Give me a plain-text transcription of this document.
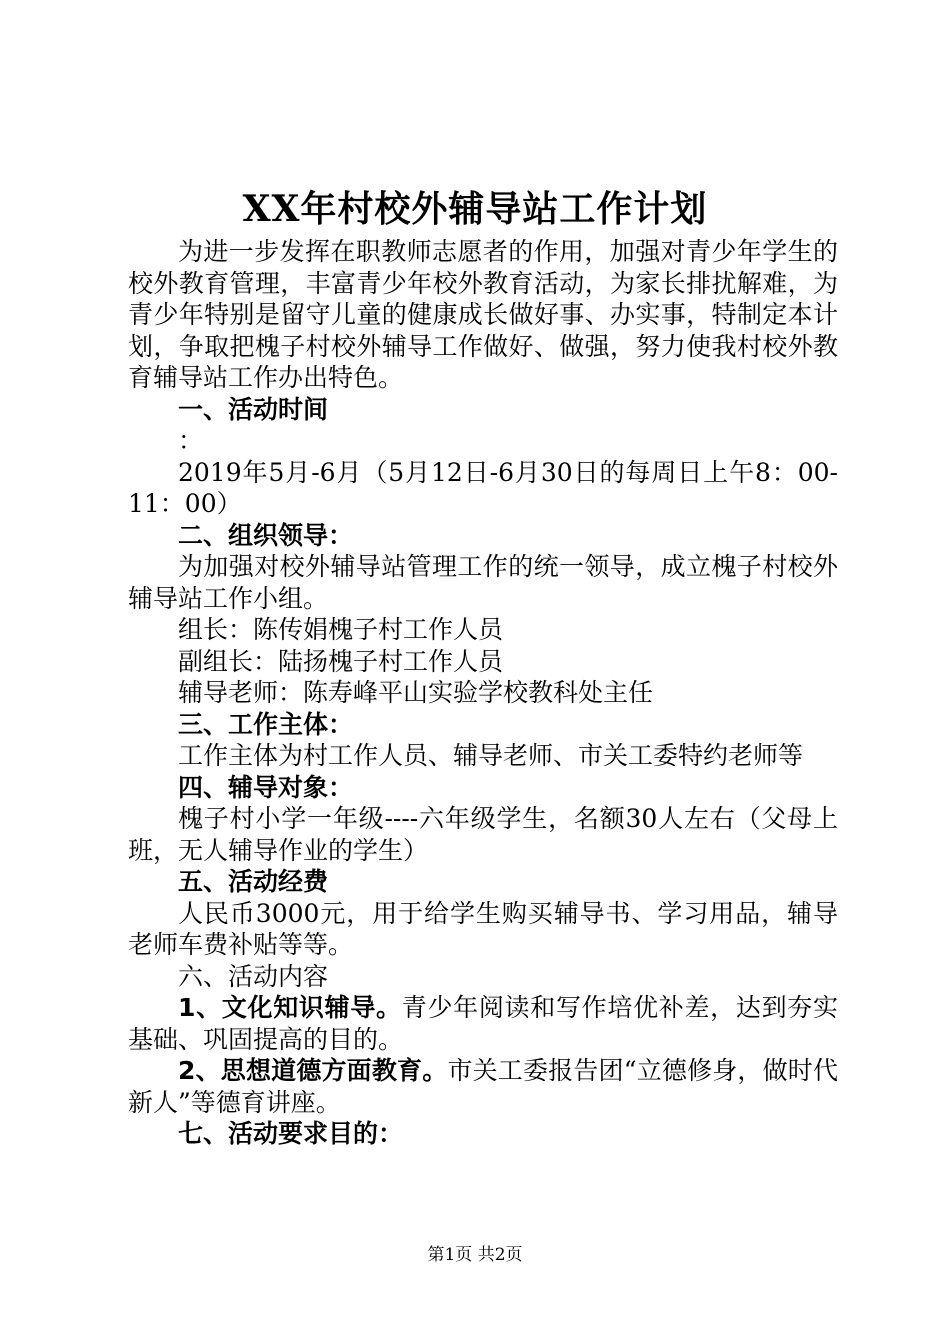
XX年村校外辅导站工作计划

为进一步发挥在职教师志愿者的作用，加强对青少年学生的校外教育管理，丰富青少年校外教育活动，为家长排扰解难，为青少年特别是留守儿童的健康成长做好事、办实事，特制定本计划，争取把槐子村校外辅导工作做好、做强，努力使我村校外教育辅导站工作办出特色。

一、活动时间

：

2019年5月-6月（5月12日-6月30日的每周日上午8：00-11：00）

二、组织领导：

为加强对校外辅导站管理工作的统一领导，成立槐子村校外辅导站工作小组。

组长：陈传娟槐子村工作人员

副组长：陆扬槐子村工作人员

辅导老师：陈寿峰平山实验学校教科处主任

三、工作主体：

工作主体为村工作人员、辅导老师、市关工委特约老师等

四、辅导对象：

槐子村小学一年级----六年级学生，名额30人左右（父母上班，无人辅导作业的学生）

五、活动经费

人民币3000元，用于给学生购买辅导书、学习用品，辅导老师车费补贴等等。

六、活动内容

1、文化知识辅导。青少年阅读和写作培优补差，达到夯实基础、巩固提高的目的。

2、思想道德方面教育。市关工委报告团“立德修身，做时代新人”等德育讲座。

七、活动要求目的：

第1页 共2页
